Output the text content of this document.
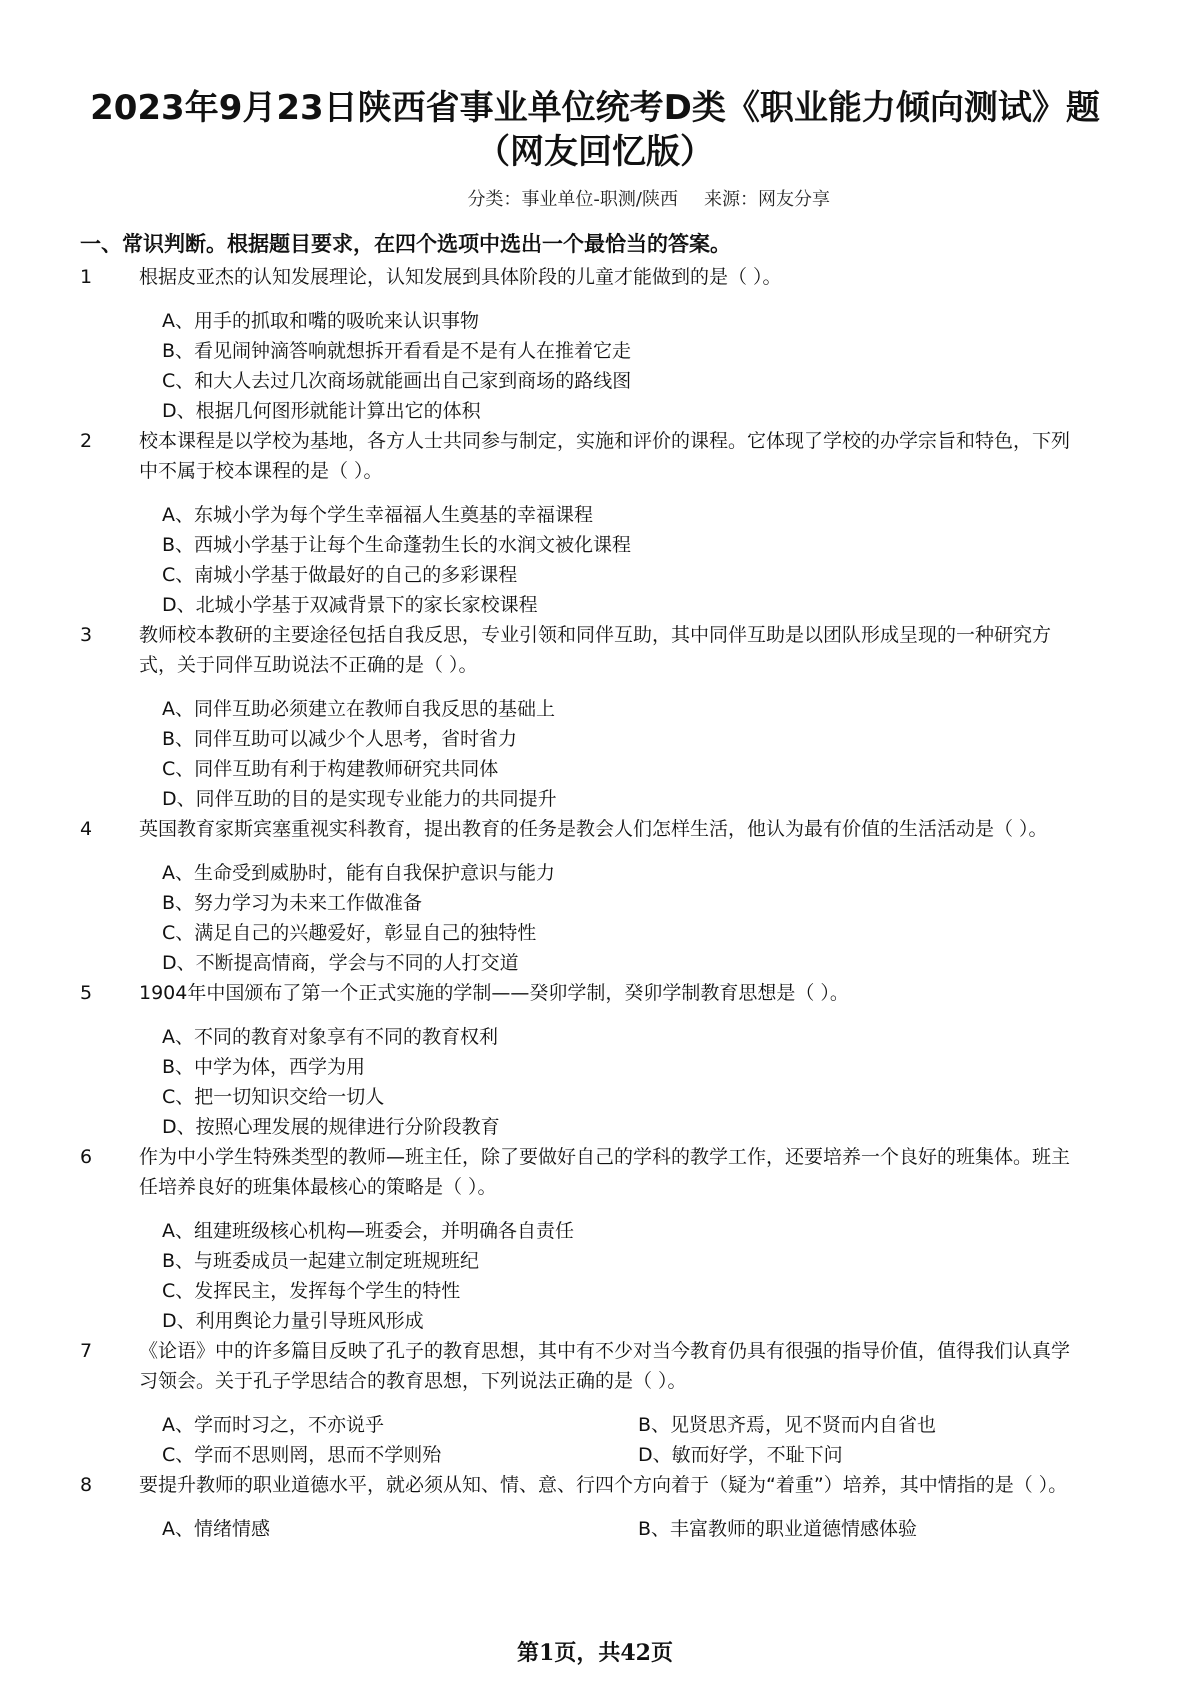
2023年9月23日陕西省事业单位统考D类《职业能力倾向测试》题
（网友回忆版）
分类：事业单位-职测/陕西 来源：网友分享
一、常识判断。根据题目要求，在四个选项中选出一个最恰当的答案。
1 根据皮亚杰的认知发展理论，认知发展到具体阶段的儿童才能做到的是（ ）。
A、用手的抓取和嘴的吸吮来认识事物
B、看见闹钟滴答响就想拆开看看是不是有人在推着它走
C、和大人去过几次商场就能画出自己家到商场的路线图
D、根据几何图形就能计算出它的体积
2 校本课程是以学校为基地，各方人士共同参与制定，实施和评价的课程。它体现了学校的办学宗旨和特色，下列中不属于校本课程的是（ ）。
A、东城小学为每个学生幸福福人生奠基的幸福课程
B、西城小学基于让每个生命蓬勃生长的水润文被化课程
C、南城小学基于做最好的自己的多彩课程
D、北城小学基于双减背景下的家长家校课程
3 教师校本教研的主要途径包括自我反思，专业引领和同伴互助，其中同伴互助是以团队形成呈现的一种研究方式，关于同伴互助说法不正确的是（ ）。
A、同伴互助必须建立在教师自我反思的基础上
B、同伴互助可以减少个人思考，省时省力
C、同伴互助有利于构建教师研究共同体
D、同伴互助的目的是实现专业能力的共同提升
4 英国教育家斯宾塞重视实科教育，提出教育的任务是教会人们怎样生活，他认为最有价值的生活活动是（ ）。
A、生命受到威胁时，能有自我保护意识与能力
B、努力学习为未来工作做准备
C、满足自己的兴趣爱好，彰显自己的独特性
D、不断提高情商，学会与不同的人打交道
5 1904年中国颁布了第一个正式实施的学制——癸卯学制，癸卯学制教育思想是（ ）。
A、不同的教育对象享有不同的教育权利
B、中学为体，西学为用
C、把一切知识交给一切人
D、按照心理发展的规律进行分阶段教育
6 作为中小学生特殊类型的教师—班主任，除了要做好自己的学科的教学工作，还要培养一个良好的班集体。班主任培养良好的班集体最核心的策略是（ ）。
A、组建班级核心机构—班委会，并明确各自责任
B、与班委成员一起建立制定班规班纪
C、发挥民主，发挥每个学生的特性
D、利用舆论力量引导班风形成
7 《论语》中的许多篇目反映了孔子的教育思想，其中有不少对当今教育仍具有很强的指导价值，值得我们认真学习领会。关于孔子学思结合的教育思想，下列说法正确的是（ ）。
A、学而时习之，不亦说乎	B、见贤思齐焉，见不贤而内自省也
C、学而不思则罔，思而不学则殆	D、敏而好学，不耻下问
8 要提升教师的职业道德水平，就必须从知、情、意、行四个方向着于（疑为“着重”）培养，其中情指的是（ ）。
A、情绪情感	B、丰富教师的职业道德情感体验
第1页，共42页
